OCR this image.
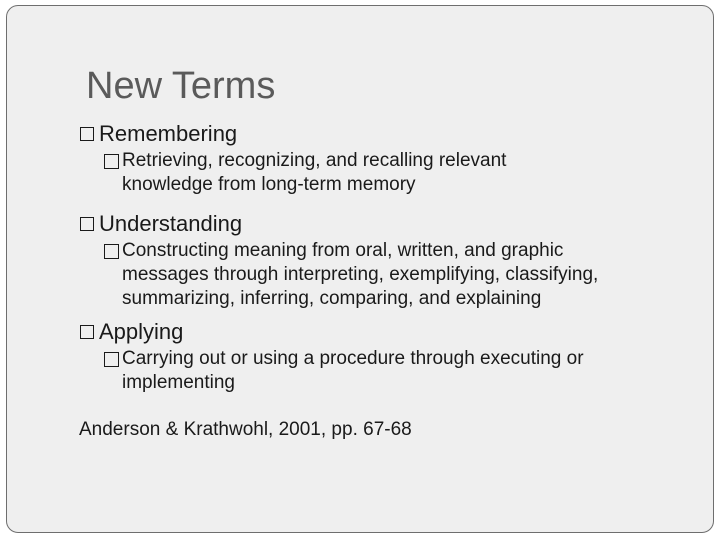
New Terms
Remembering
Retrieving, recognizing, and recalling relevant
knowledge from long-term memory
Understanding
Constructing meaning from oral, written, and graphic
messages through interpreting, exemplifying, classifying,
summarizing, inferring, comparing, and explaining
Applying
Carrying out or using a procedure through executing or
implementing
Anderson & Krathwohl, 2001, pp. 67-68
